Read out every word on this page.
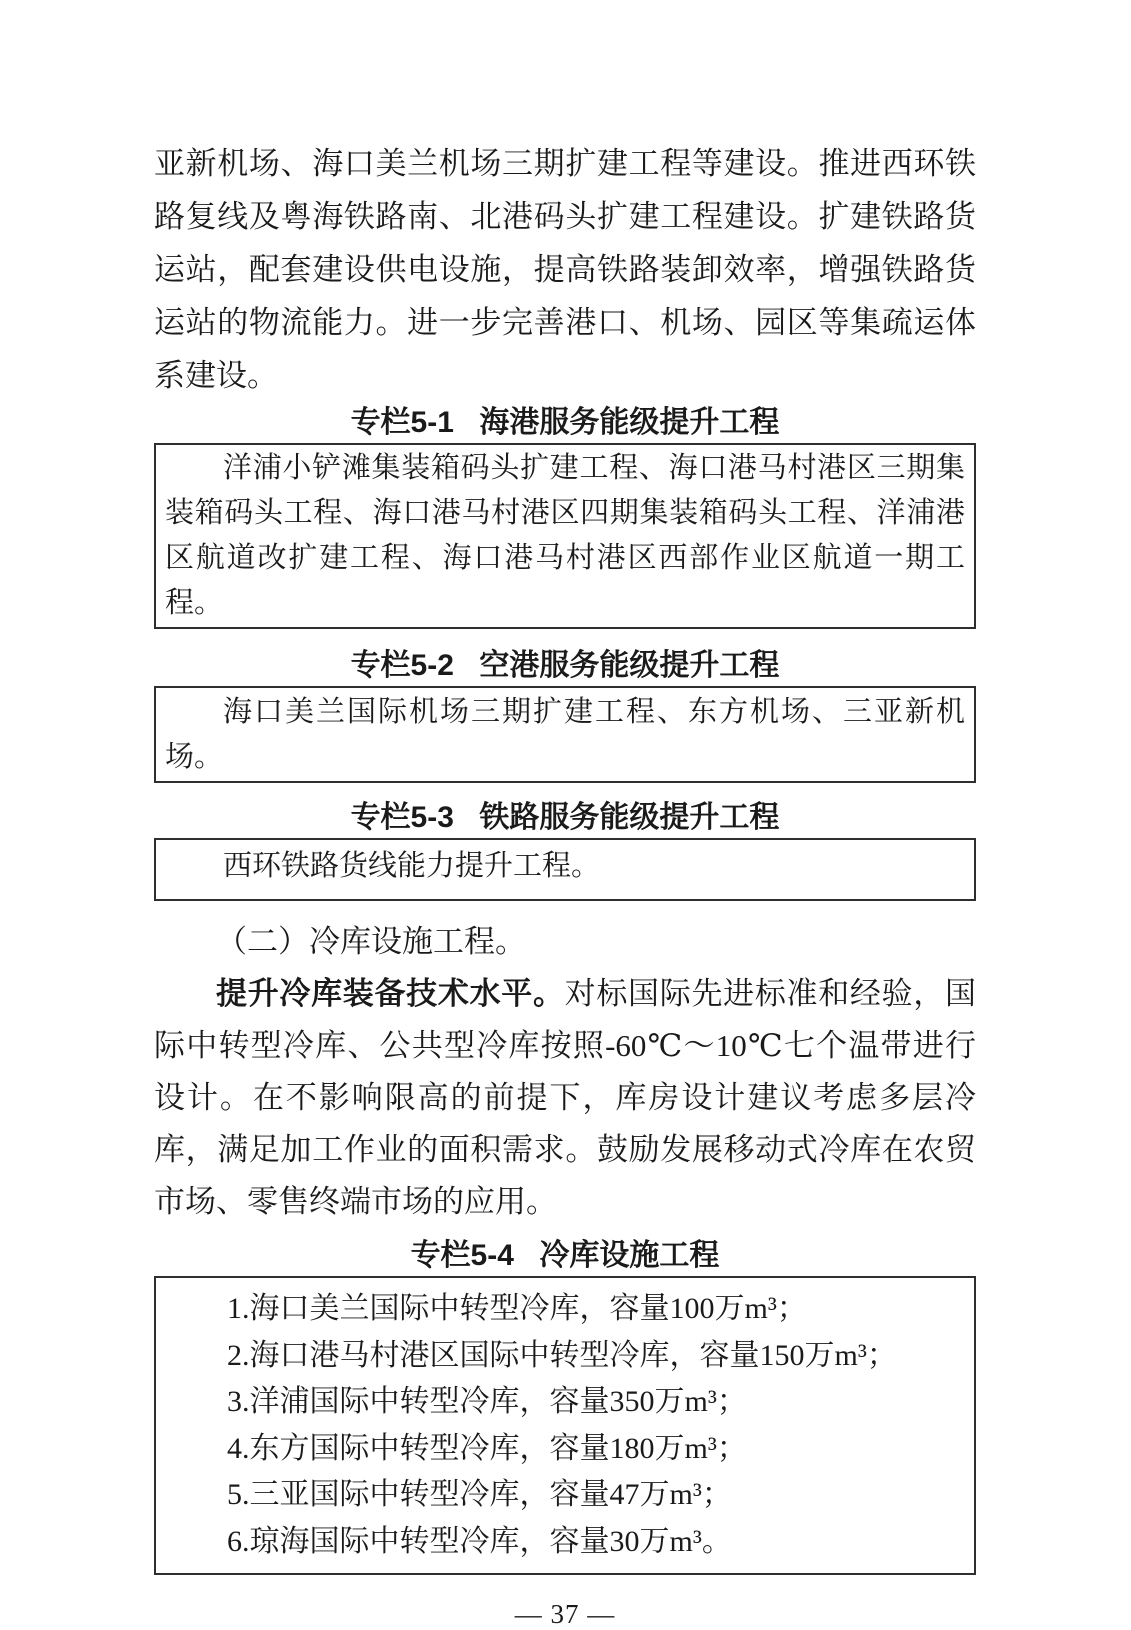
亚新机场、海口美兰机场三期扩建工程等建设。推进西环铁路复线及粤海铁路南、北港码头扩建工程建设。扩建铁路货运站，配套建设供电设施，提高铁路装卸效率，增强铁路货运站的物流能力。进一步完善港口、机场、园区等集疏运体系建设。

专栏5-1 海港服务能级提升工程

洋浦小铲滩集装箱码头扩建工程、海口港马村港区三期集装箱码头工程、海口港马村港区四期集装箱码头工程、洋浦港区航道改扩建工程、海口港马村港区西部作业区航道一期工程。

专栏5-2 空港服务能级提升工程

海口美兰国际机场三期扩建工程、东方机场、三亚新机场。

专栏5-3 铁路服务能级提升工程

西环铁路货线能力提升工程。

（二）冷库设施工程。

提升冷库装备技术水平。对标国际先进标准和经验，国际中转型冷库、公共型冷库按照-60℃～10℃七个温带进行设计。在不影响限高的前提下，库房设计建议考虑多层冷库，满足加工作业的面积需求。鼓励发展移动式冷库在农贸市场、零售终端市场的应用。

专栏5-4 冷库设施工程
1.海口美兰国际中转型冷库，容量100万m³；
2.海口港马村港区国际中转型冷库，容量150万m³；
3.洋浦国际中转型冷库，容量350万m³；
4.东方国际中转型冷库，容量180万m³；
5.三亚国际中转型冷库，容量47万m³；
6.琼海国际中转型冷库，容量30万m³。
— 37 —
